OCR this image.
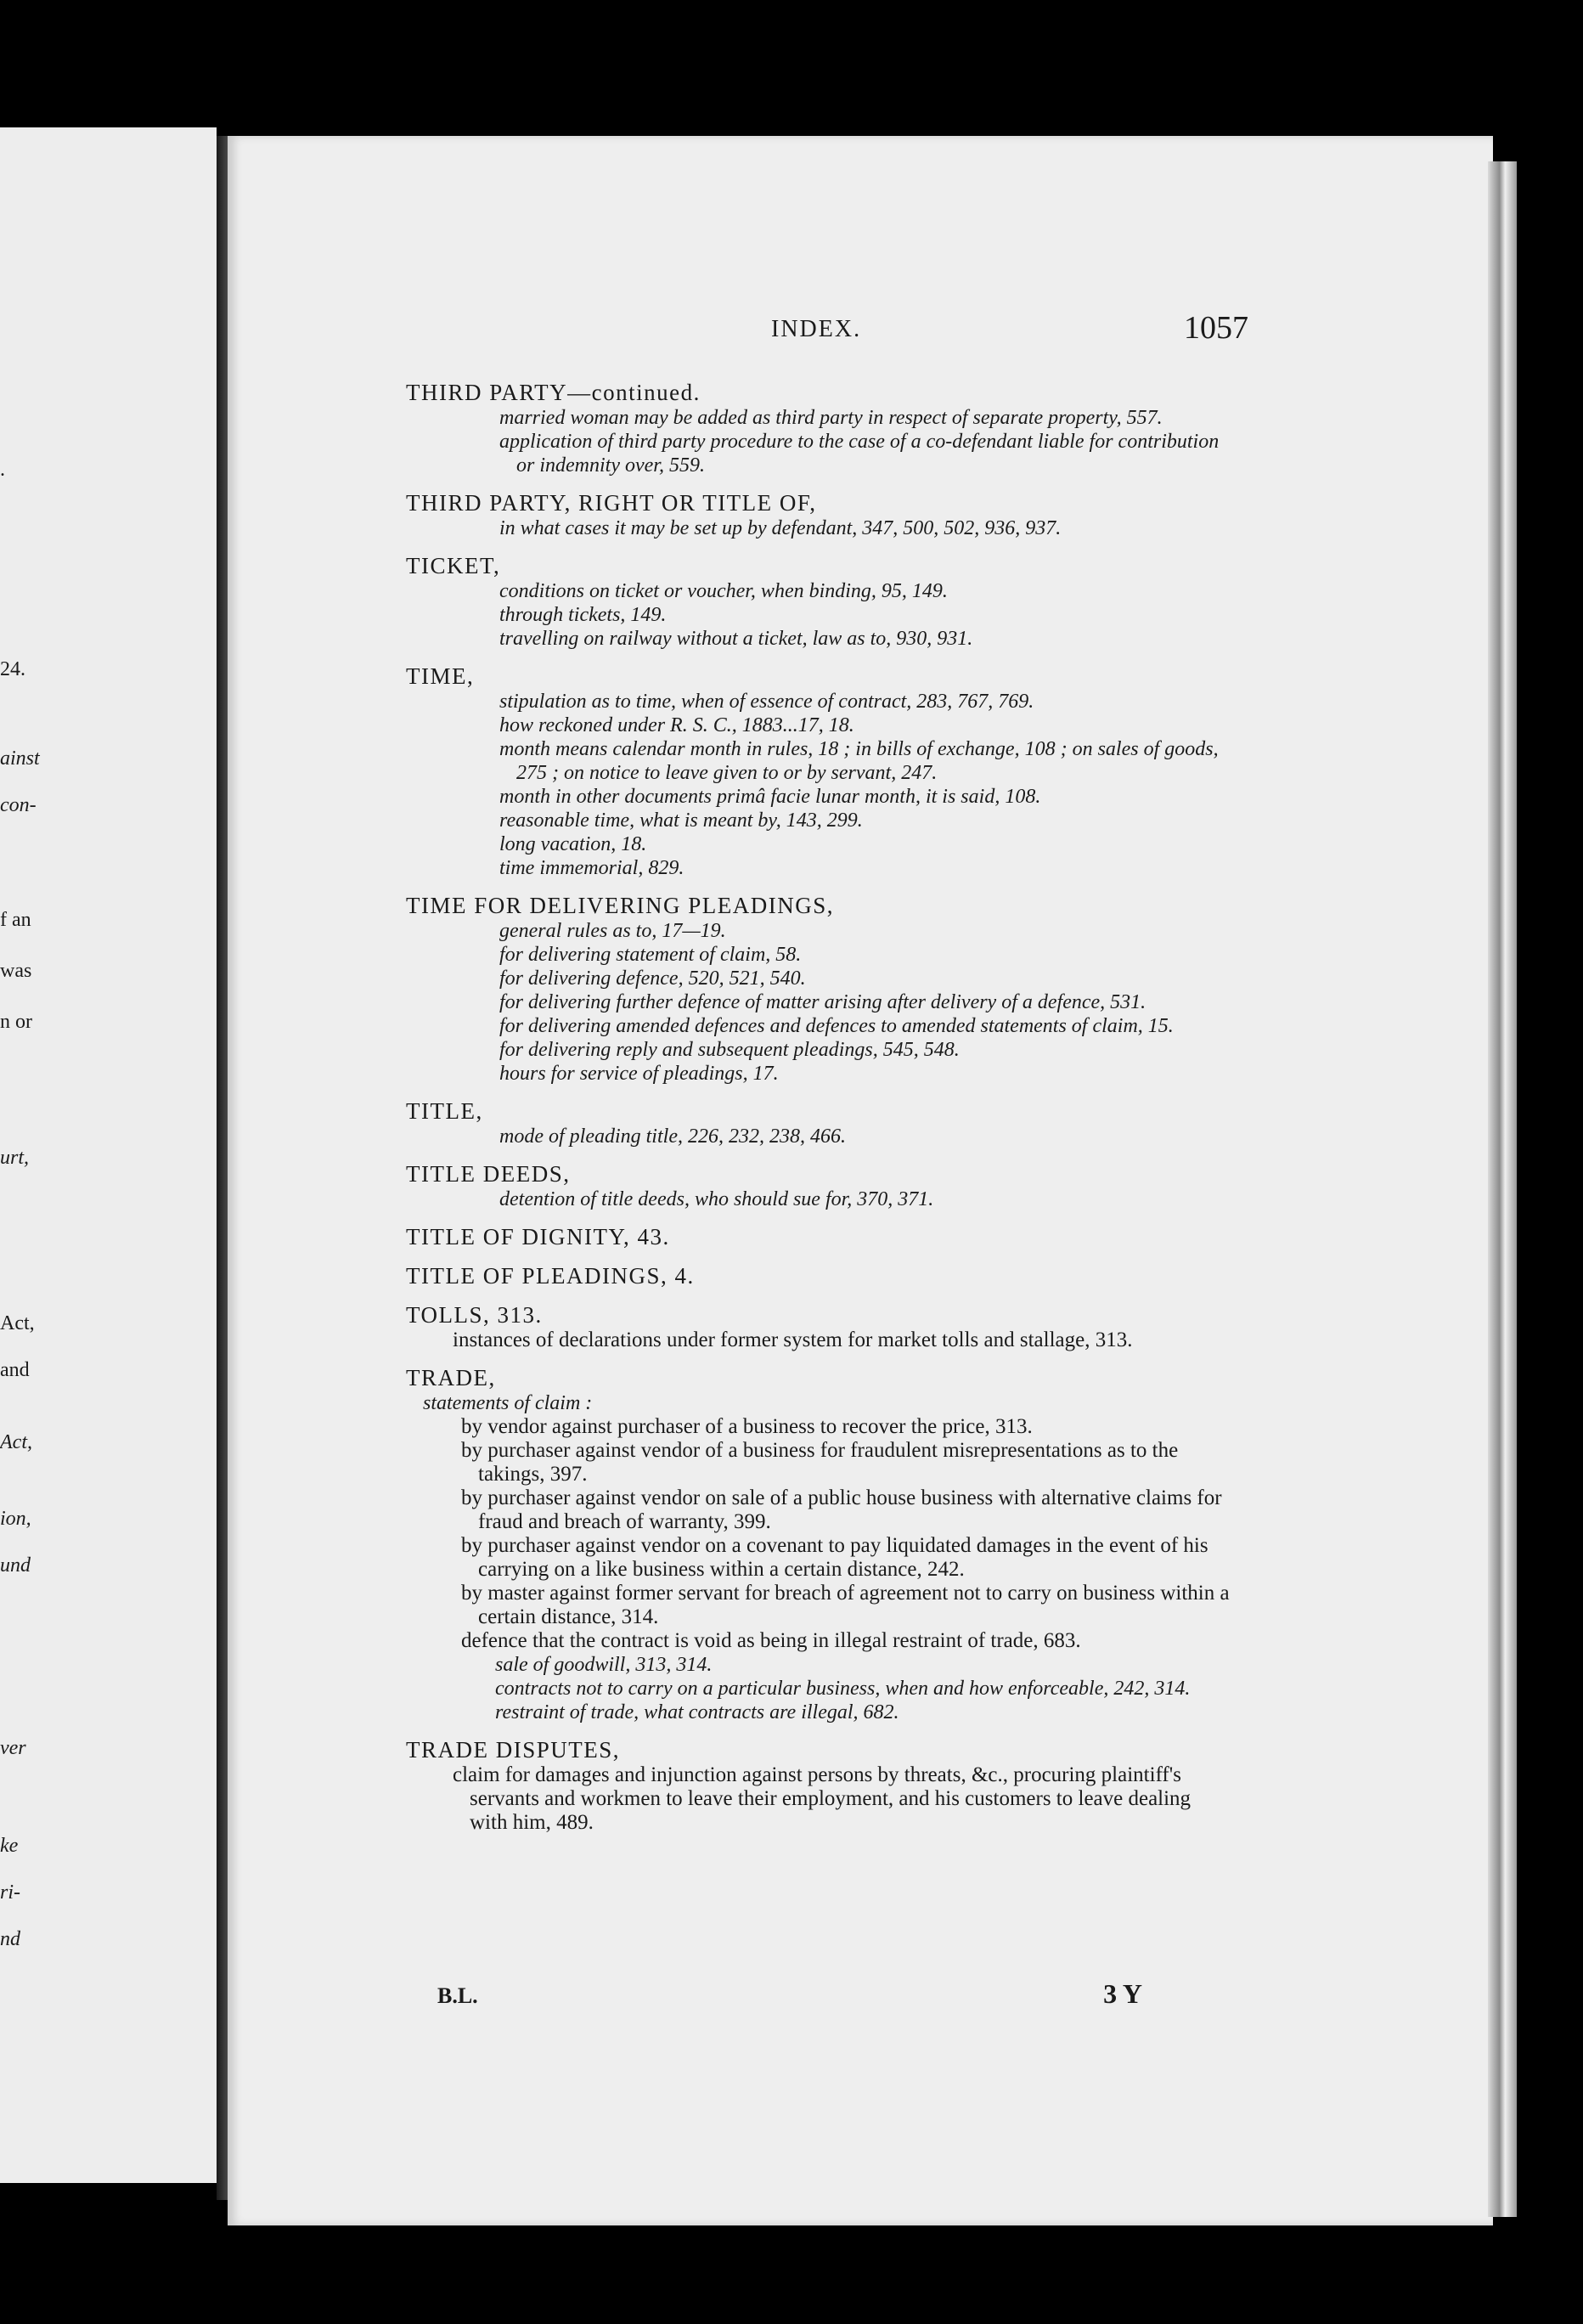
.
24.
ainst
con-
f an
was
n or
urt,
Act,
and
Act,
ion,
und
ver
ke
ri-
nd
INDEX.	1057
THIRD PARTY—continued.
married woman may be added as third party in respect of separate property, 557.
application of third party procedure to the case of a co-defendant liable for contribution or indemnity over, 559.
THIRD PARTY, RIGHT OR TITLE OF,
in what cases it may be set up by defendant, 347, 500, 502, 936, 937.
TICKET,
conditions on ticket or voucher, when binding, 95, 149.
through tickets, 149.
travelling on railway without a ticket, law as to, 930, 931.
TIME,
stipulation as to time, when of essence of contract, 283, 767, 769.
how reckoned under R. S. C., 1883...17, 18.
month means calendar month in rules, 18 ; in bills of exchange, 108 ; on sales of goods, 275 ; on notice to leave given to or by servant, 247.
month in other documents primâ facie lunar month, it is said, 108.
reasonable time, what is meant by, 143, 299.
long vacation, 18.
time immemorial, 829.
TIME FOR DELIVERING PLEADINGS,
general rules as to, 17—19.
for delivering statement of claim, 58.
for delivering defence, 520, 521, 540.
for delivering further defence of matter arising after delivery of a defence, 531.
for delivering amended defences and defences to amended statements of claim, 15.
for delivering reply and subsequent pleadings, 545, 548.
hours for service of pleadings, 17.
TITLE,
mode of pleading title, 226, 232, 238, 466.
TITLE DEEDS,
detention of title deeds, who should sue for, 370, 371.
TITLE OF DIGNITY, 43.
TITLE OF PLEADINGS, 4.
TOLLS, 313.
instances of declarations under former system for market tolls and stallage, 313.
TRADE,
statements of claim :
by vendor against purchaser of a business to recover the price, 313.
by purchaser against vendor of a business for fraudulent misrepresentations as to the takings, 397.
by purchaser against vendor on sale of a public house business with alternative claims for fraud and breach of warranty, 399.
by purchaser against vendor on a covenant to pay liquidated damages in the event of his carrying on a like business within a certain distance, 242.
by master against former servant for breach of agreement not to carry on business within a certain distance, 314.
defence that the contract is void as being in illegal restraint of trade, 683.
sale of goodwill, 313, 314.
contracts not to carry on a particular business, when and how enforceable, 242, 314.
restraint of trade, what contracts are illegal, 682.
TRADE DISPUTES,
claim for damages and injunction against persons by threats, &c., procuring plaintiff's servants and workmen to leave their employment, and his customers to leave dealing with him, 489.
B.L.	3 Y
